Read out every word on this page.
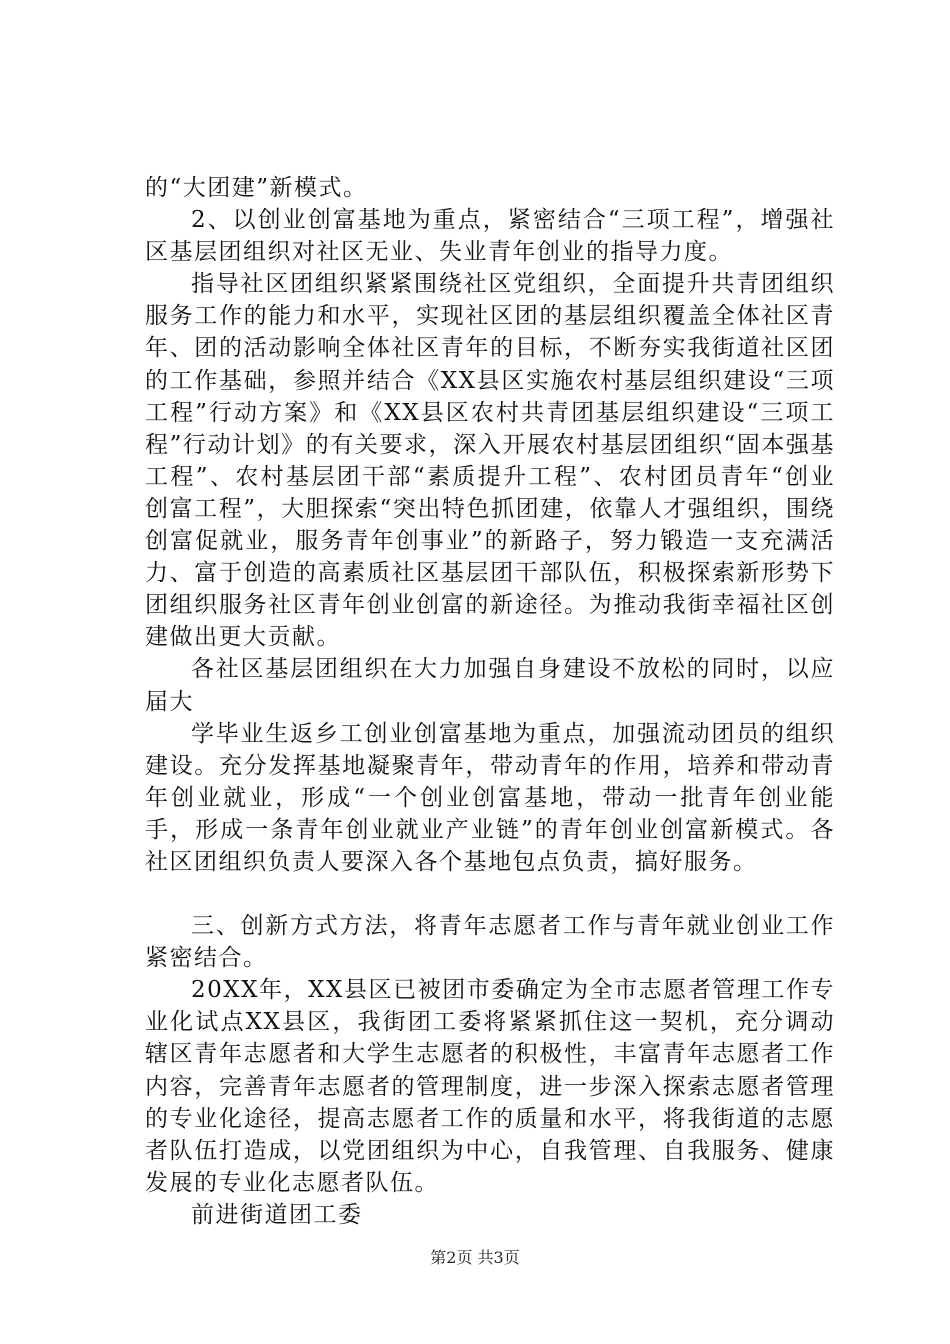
的“大团建”新模式。

2、以创业创富基地为重点，紧密结合“三项工程”，增强社区基层团组织对社区无业、失业青年创业的指导力度。

指导社区团组织紧紧围绕社区党组织，全面提升共青团组织服务工作的能力和水平，实现社区团的基层组织覆盖全体社区青年、团的活动影响全体社区青年的目标，不断夯实我街道社区团的工作基础，参照并结合《XX县区实施农村基层组织建设“三项工程”行动方案》和《XX县区农村共青团基层组织建设“三项工程”行动计划》的有关要求，深入开展农村基层团组织“固本强基工程”、农村基层团干部“素质提升工程”、农村团员青年“创业创富工程”，大胆探索“突出特色抓团建，依靠人才强组织，围绕创富促就业，服务青年创事业”的新路子，努力锻造一支充满活力、富于创造的高素质社区基层团干部队伍，积极探索新形势下团组织服务社区青年创业创富的新途径。为推动我街幸福社区创建做出更大贡献。

各社区基层团组织在大力加强自身建设不放松的同时，以应届大

学毕业生返乡工创业创富基地为重点，加强流动团员的组织建设。充分发挥基地凝聚青年，带动青年的作用，培养和带动青年创业就业，形成“一个创业创富基地，带动一批青年创业能手，形成一条青年创业就业产业链”的青年创业创富新模式。各社区团组织负责人要深入各个基地包点负责，搞好服务。

三、创新方式方法，将青年志愿者工作与青年就业创业工作紧密结合。

20XX年，XX县区已被团市委确定为全市志愿者管理工作专业化试点XX县区，我街团工委将紧紧抓住这一契机，充分调动辖区青年志愿者和大学生志愿者的积极性，丰富青年志愿者工作内容，完善青年志愿者的管理制度，进一步深入探索志愿者管理的专业化途径，提高志愿者工作的质量和水平，将我街道的志愿者队伍打造成，以党团组织为中心，自我管理、自我服务、健康发展的专业化志愿者队伍。

前进街道团工委

第2页 共3页
